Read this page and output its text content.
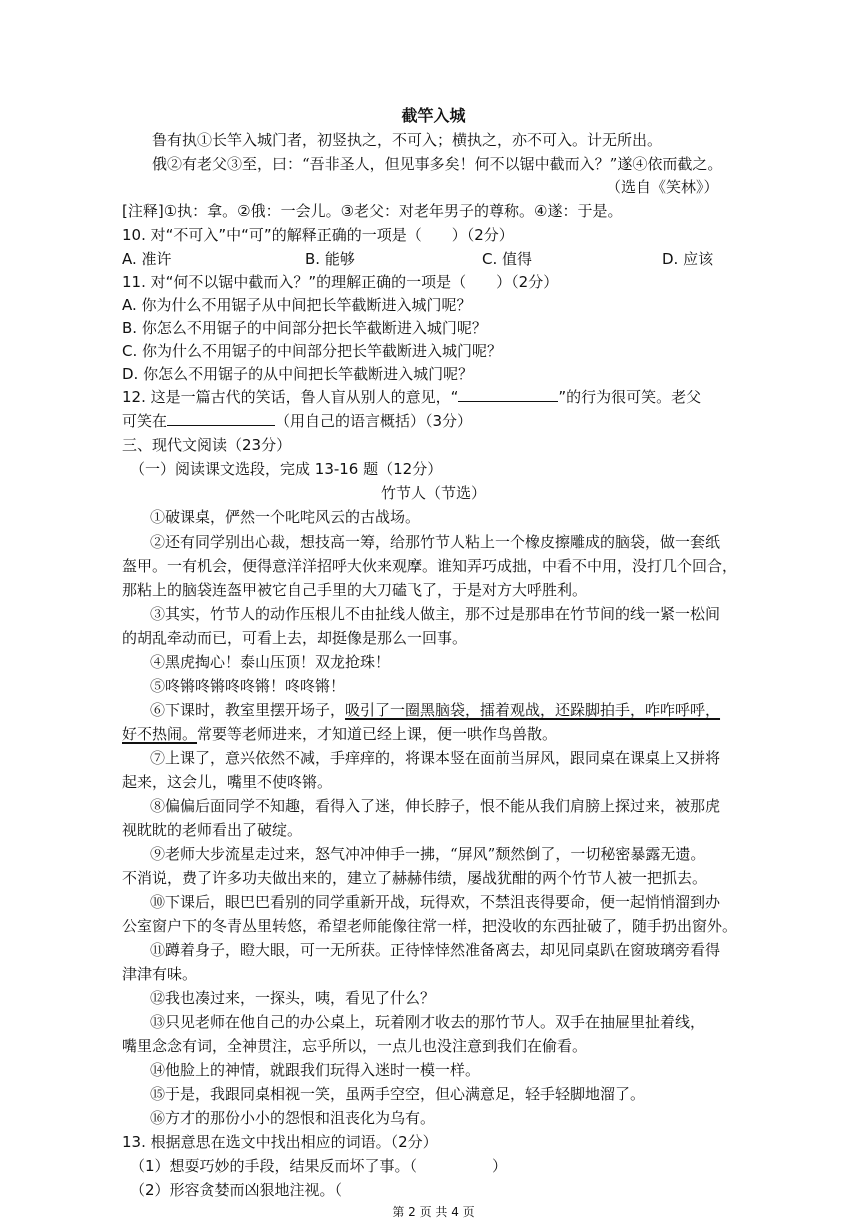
截竿入城
鲁有执①长竿入城门者，初竖执之，不可入；横执之，亦不可入。计无所出。
俄②有老父③至，曰：“吾非圣人，但见事多矣！何不以锯中截而入？”遂④依而截之。
（选自《笑林》）
[注释]①执：拿。②俄：一会儿。③老父：对老年男子的尊称。④遂：于是。
10. 对“不可入”中“可”的解释正确的一项是（　　）（2分）
A. 准许	B. 能够	C. 值得	D. 应该
11. 对“何不以锯中截而入？”的理解正确的一项是（　　）（2分）
A. 你为什么不用锯子从中间把长竿截断进入城门呢？
B. 你怎么不用锯子的中间部分把长竿截断进入城门呢？
C. 你为什么不用锯子的中间部分把长竿截断进入城门呢？
D. 你怎么不用锯子的从中间把长竿截断进入城门呢？
12. 这是一篇古代的笑话，鲁人盲从别人的意见，“	”的行为很可笑。老父
可笑在	（用自己的语言概括）（3分）
三、现代文阅读（23分）
（一）阅读课文选段，完成 13-16 题（12分）
竹节人（节选）
①破课桌，俨然一个叱咤风云的古战场。
②还有同学别出心裁，想技高一筹，给那竹节人粘上一个橡皮擦雕成的脑袋，做一套纸
盔甲。一有机会，便得意洋洋招呼大伙来观摩。谁知弄巧成拙，中看不中用，没打几个回合，
那粘上的脑袋连盔甲被它自己手里的大刀磕飞了，于是对方大呼胜利。
③其实，竹节人的动作压根儿不由扯线人做主，那不过是那串在竹节间的线一紧一松间
的胡乱牵动而已，可看上去，却挺像是那么一回事。
④黑虎掏心！泰山压顶！双龙抢珠！
⑤咚锵咚锵咚咚锵！咚咚锵！
⑥下课时，教室里摆开场子，吸引了一圈黑脑袋，擂着观战，还跺脚拍手，咋咋呼呼，
好不热闹。常要等老师进来，才知道已经上课，便一哄作鸟兽散。
⑦上课了，意兴依然不减，手痒痒的，将课本竖在面前当屏风，跟同桌在课桌上又拼将
起来，这会儿，嘴里不使咚锵。
⑧偏偏后面同学不知趣，看得入了迷，伸长脖子，恨不能从我们肩膀上探过来，被那虎
视眈眈的老师看出了破绽。
⑨老师大步流星走过来，怒气冲冲伸手一拂，“屏风”颓然倒了，一切秘密暴露无遗。
不消说，费了许多功夫做出来的，建立了赫赫伟绩，屡战犹酣的两个竹节人被一把抓去。
⑩下课后，眼巴巴看别的同学重新开战，玩得欢，不禁沮丧得要命，便一起悄悄溜到办
公室窗户下的冬青丛里转悠，希望老师能像往常一样，把没收的东西扯破了，随手扔出窗外。
⑪蹲着身子，瞪大眼，可一无所获。正待悻悻然准备离去，却见同桌趴在窗玻璃旁看得
津津有味。
⑫我也凑过来，一探头，咦，看见了什么？
⑬只见老师在他自己的办公桌上，玩着刚才收去的那竹节人。双手在抽屉里扯着线，
嘴里念念有词，全神贯注，忘乎所以，一点儿也没注意到我们在偷看。
⑭他脸上的神情，就跟我们玩得入迷时一模一样。
⑮于是，我跟同桌相视一笑，虽两手空空，但心满意足，轻手轻脚地溜了。
⑯方才的那份小小的怨恨和沮丧化为乌有。
13. 根据意思在选文中找出相应的词语。（2分）
（1）想耍巧妙的手段，结果反而坏了事。（　　　　　）
（2）形容贪婪而凶狠地注视。（　　　　　
第 2 页 共 4 页
